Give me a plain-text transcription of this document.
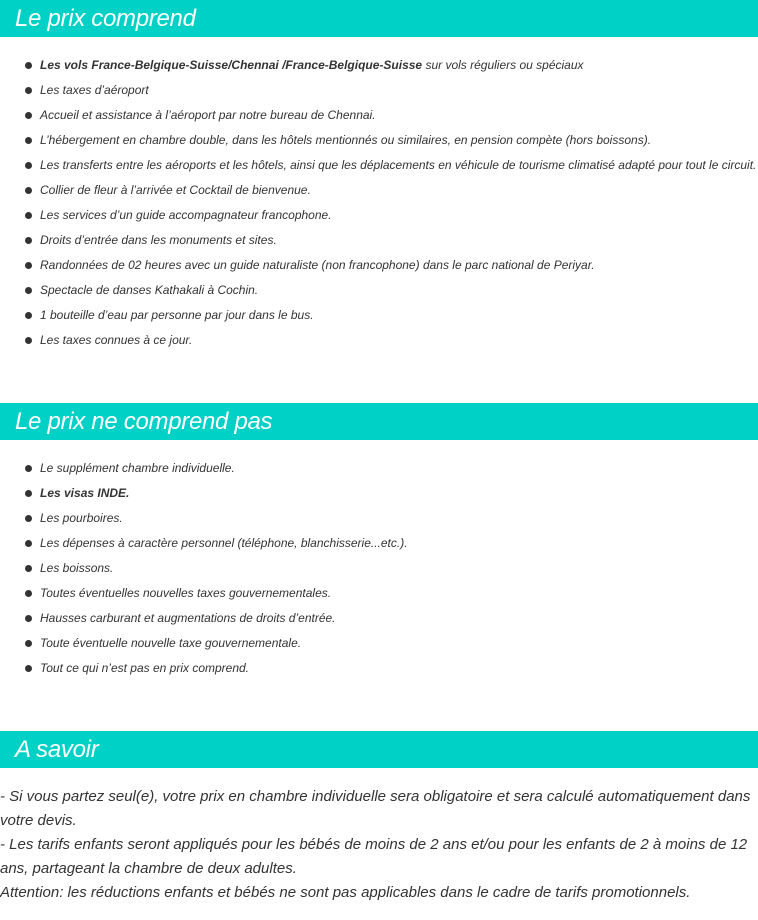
Le prix comprend
Les vols France-Belgique-Suisse/Chennai /France-Belgique-Suisse sur vols réguliers ou spéciaux
Les taxes d’aéroport
Accueil et assistance à l’aéroport par notre bureau de Chennai.
L’hébergement en chambre double, dans les hôtels mentionnés ou similaires, en pension compète (hors boissons).
Les transferts entre les aéroports et les hôtels, ainsi que les déplacements en véhicule de tourisme climatisé adapté pour tout le circuit.
Collier de fleur à l’arrivée et Cocktail de bienvenue.
Les services d’un guide accompagnateur francophone.
Droits d’entrée dans les monuments et sites.
Randonnées de 02 heures avec un guide naturaliste (non francophone) dans le parc national de Periyar.
Spectacle de danses Kathakali à Cochin.
1 bouteille d’eau par personne par jour dans le bus.
Les taxes connues à ce jour.
Le prix ne comprend pas
Le supplément chambre individuelle.
Les visas INDE.
Les pourboires.
Les dépenses à caractère personnel (téléphone, blanchisserie...etc.).
Les boissons.
Toutes éventuelles nouvelles taxes gouvernementales.
Hausses carburant et augmentations de droits d’entrée.
Toute éventuelle nouvelle taxe gouvernementale.
Tout ce qui n’est pas en prix comprend.
A savoir

- Si vous partez seul(e), votre prix en chambre individuelle sera obligatoire et sera calculé automatiquement dans votre devis.

- Les tarifs enfants seront appliqués pour les bébés de moins de 2 ans et/ou pour les enfants de 2 à moins de 12 ans, partageant la chambre de deux adultes.

Attention: les réductions enfants et bébés ne sont pas applicables dans le cadre de tarifs promotionnels.
